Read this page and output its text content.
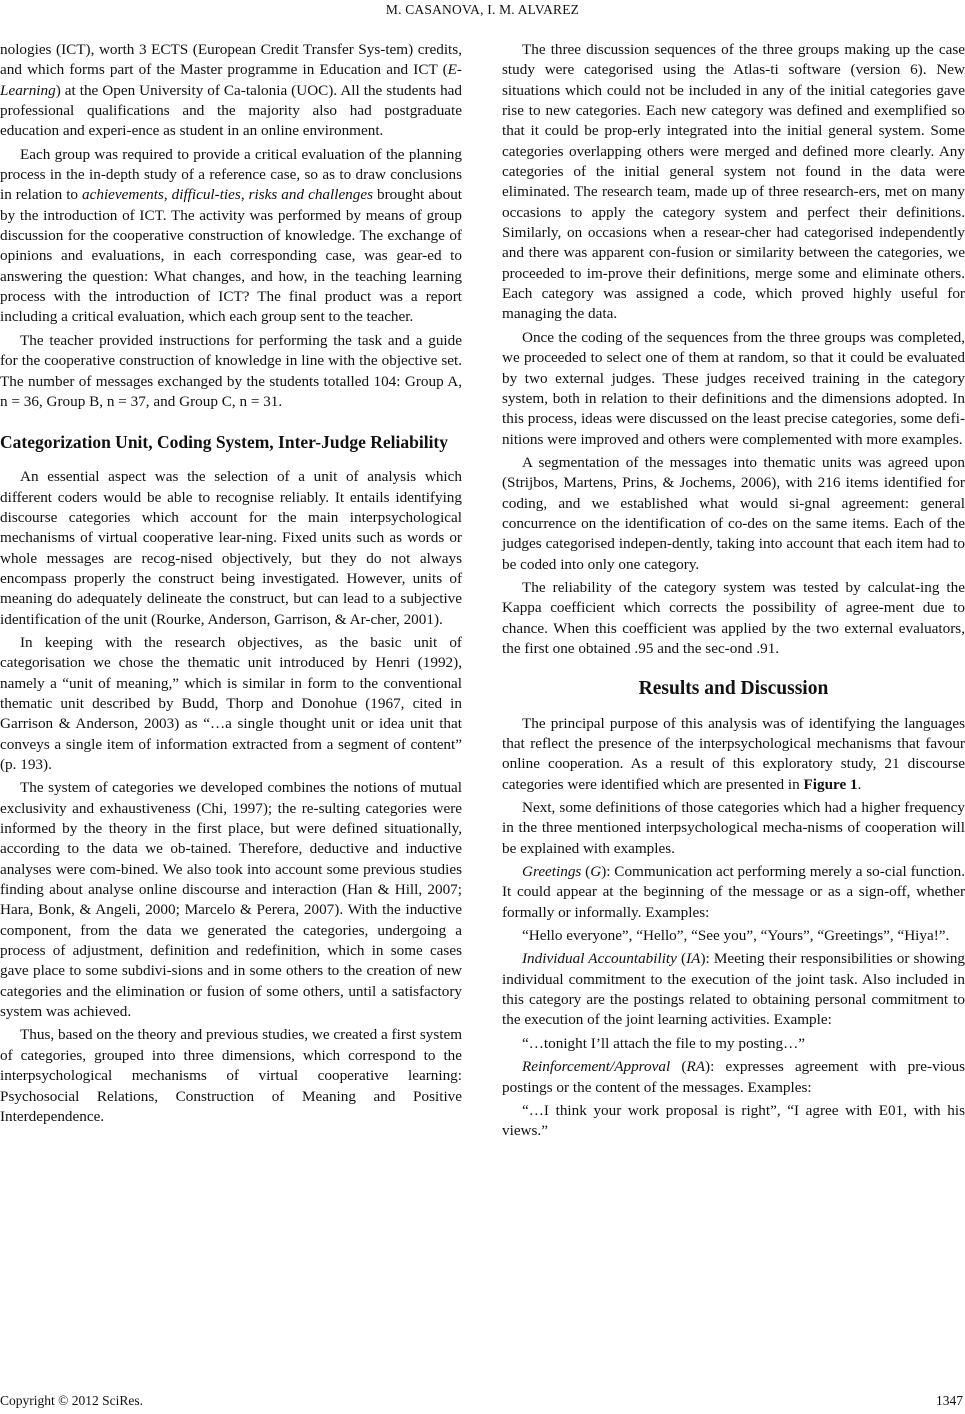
M. CASANOVA, I. M. ALVAREZ

nologies (ICT), worth 3 ECTS (European Credit Transfer Sys-tem) credits, and which forms part of the Master programme in Education and ICT (E-Learning) at the Open University of Ca-talonia (UOC). All the students had professional qualifications and the majority also had postgraduate education and experi-ence as student in an online environment.

Each group was required to provide a critical evaluation of the planning process in the in-depth study of a reference case, so as to draw conclusions in relation to achievements, difficul-ties, risks and challenges brought about by the introduction of ICT. The activity was performed by means of group discussion for the cooperative construction of knowledge. The exchange of opinions and evaluations, in each corresponding case, was gear-ed to answering the question: What changes, and how, in the teaching learning process with the introduction of ICT? The final product was a report including a critical evaluation, which each group sent to the teacher.

The teacher provided instructions for performing the task and a guide for the cooperative construction of knowledge in line with the objective set. The number of messages exchanged by the students totalled 104: Group A, n = 36, Group B, n = 37, and Group C, n = 31.

Categorization Unit, Coding System, Inter-Judge Reliability

An essential aspect was the selection of a unit of analysis which different coders would be able to recognise reliably. It entails identifying discourse categories which account for the main interpsychological mechanisms of virtual cooperative lear-ning. Fixed units such as words or whole messages are recog-nised objectively, but they do not always encompass properly the construct being investigated. However, units of meaning do adequately delineate the construct, but can lead to a subjective identification of the unit (Rourke, Anderson, Garrison, & Ar-cher, 2001).

In keeping with the research objectives, as the basic unit of categorisation we chose the thematic unit introduced by Henri (1992), namely a “unit of meaning,” which is similar in form to the conventional thematic unit described by Budd, Thorp and Donohue (1967, cited in Garrison & Anderson, 2003) as “…a single thought unit or idea unit that conveys a single item of information extracted from a segment of content” (p. 193).

The system of categories we developed combines the notions of mutual exclusivity and exhaustiveness (Chi, 1997); the re-sulting categories were informed by the theory in the first place, but were defined situationally, according to the data we ob-tained. Therefore, deductive and inductive analyses were com-bined. We also took into account some previous studies finding about analyse online discourse and interaction (Han & Hill, 2007; Hara, Bonk, & Angeli, 2000; Marcelo & Perera, 2007). With the inductive component, from the data we generated the categories, undergoing a process of adjustment, definition and redefinition, which in some cases gave place to some subdivi-sions and in some others to the creation of new categories and the elimination or fusion of some others, until a satisfactory system was achieved.

Thus, based on the theory and previous studies, we created a first system of categories, grouped into three dimensions, which correspond to the interpsychological mechanisms of virtual cooperative learning: Psychosocial Relations, Construction of Meaning and Positive Interdependence.

The three discussion sequences of the three groups making up the case study were categorised using the Atlas-ti software (version 6). New situations which could not be included in any of the initial categories gave rise to new categories. Each new category was defined and exemplified so that it could be prop-erly integrated into the initial general system. Some categories overlapping others were merged and defined more clearly. Any categories of the initial general system not found in the data were eliminated. The research team, made up of three research-ers, met on many occasions to apply the category system and perfect their definitions. Similarly, on occasions when a resear-cher had categorised independently and there was apparent con-fusion or similarity between the categories, we proceeded to im-prove their definitions, merge some and eliminate others. Each category was assigned a code, which proved highly useful for managing the data.

Once the coding of the sequences from the three groups was completed, we proceeded to select one of them at random, so that it could be evaluated by two external judges. These judges received training in the category system, both in relation to their definitions and the dimensions adopted. In this process, ideas were discussed on the least precise categories, some defi-nitions were improved and others were complemented with more examples.

A segmentation of the messages into thematic units was agreed upon (Strijbos, Martens, Prins, & Jochems, 2006), with 216 items identified for coding, and we established what would si-gnal agreement: general concurrence on the identification of co-des on the same items. Each of the judges categorised indepen-dently, taking into account that each item had to be coded into only one category.

The reliability of the category system was tested by calculat-ing the Kappa coefficient which corrects the possibility of agree-ment due to chance. When this coefficient was applied by the two external evaluators, the first one obtained .95 and the sec-ond .91.

Results and Discussion

The principal purpose of this analysis was of identifying the languages that reflect the presence of the interpsychological mechanisms that favour online cooperation. As a result of this exploratory study, 21 discourse categories were identified which are presented in Figure 1.

Next, some definitions of those categories which had a higher frequency in the three mentioned interpsychological mecha-nisms of cooperation will be explained with examples.

Greetings (G): Communication act performing merely a so-cial function. It could appear at the beginning of the message or as a sign-off, whether formally or informally. Examples:

“Hello everyone”, “Hello”, “See you”, “Yours”, “Greetings”, “Hiya!”.

Individual Accountability (IA): Meeting their responsibilities or showing individual commitment to the execution of the joint task. Also included in this category are the postings related to obtaining personal commitment to the execution of the joint learning activities. Example:

“…tonight I’ll attach the file to my posting…”

Reinforcement/Approval (RA): expresses agreement with pre-vious postings or the content of the messages. Examples:

“…I think your work proposal is right”, “I agree with E01, with his views.”

Copyright © 2012 SciRes.	1347
